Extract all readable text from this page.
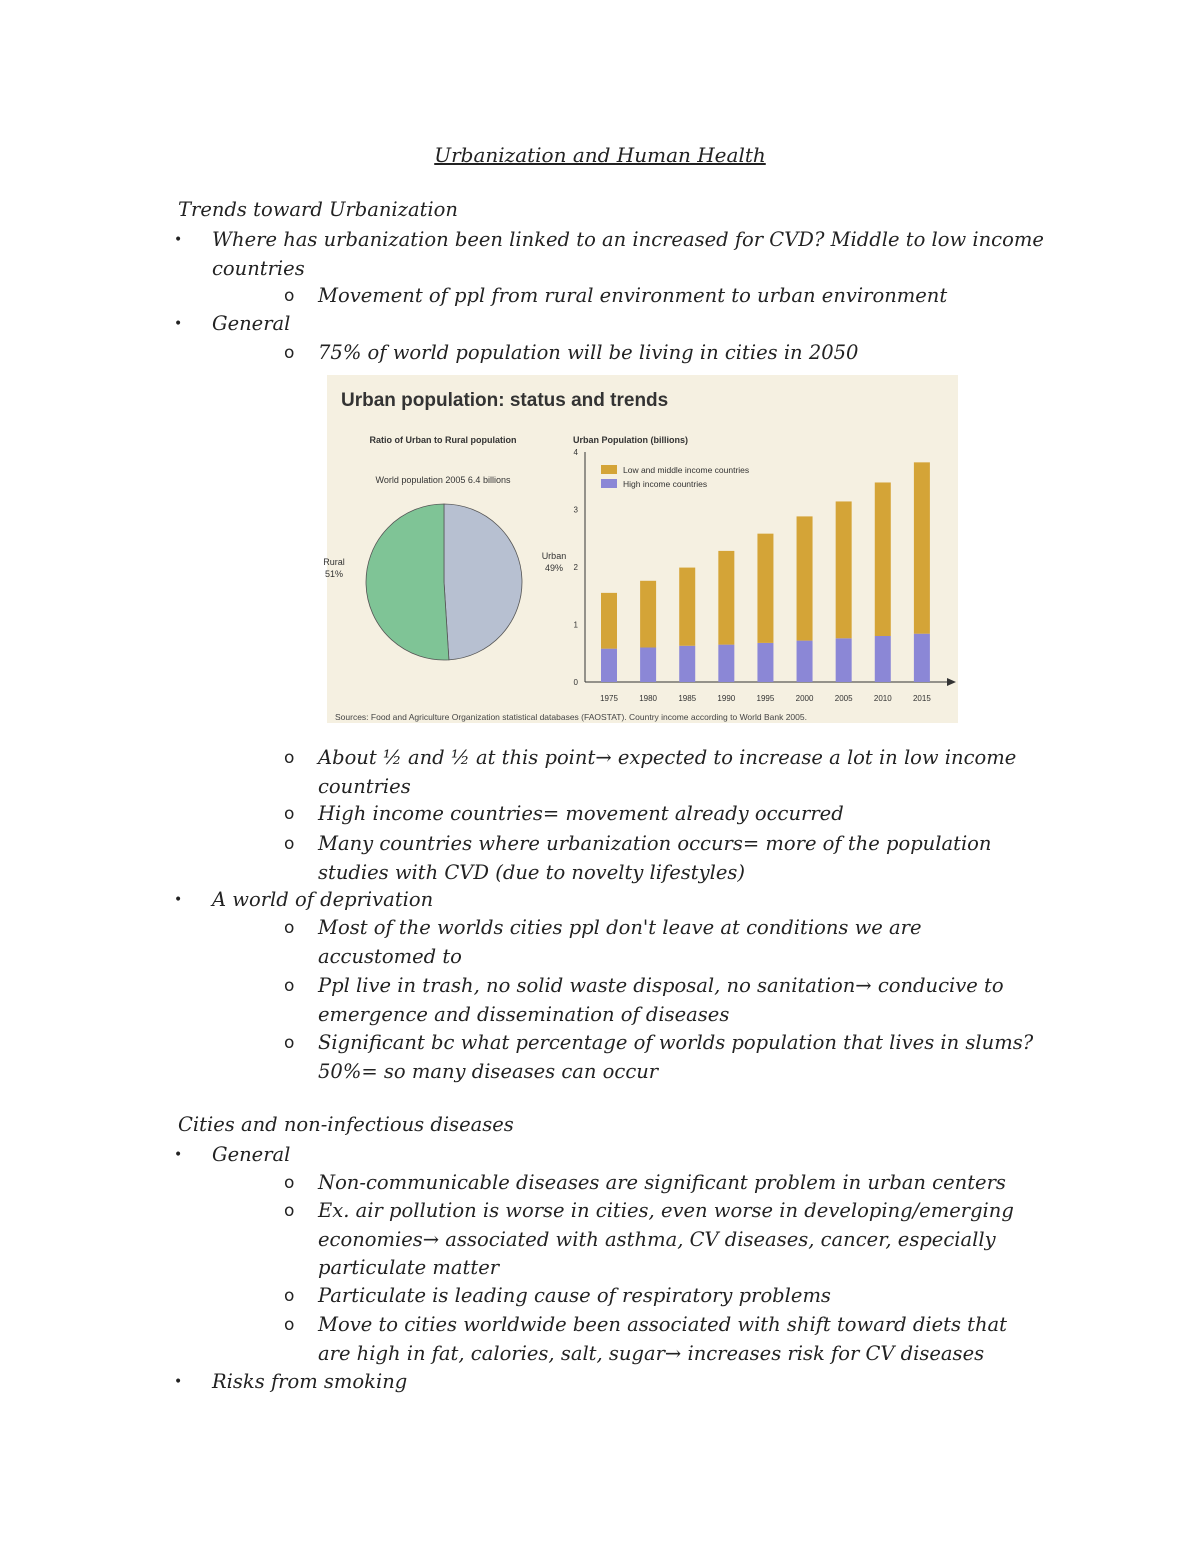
Urbanization and Human Health
Trends toward Urbanization
• Where has urbanization been linked to an increased for CVD? Middle to low income
countries
o Movement of ppl from rural environment to urban environment
• General
o 75% of world population will be living in cities in 2050
o About ½ and ½ at this point→ expected to increase a lot in low income
countries
o High income countries= movement already occurred
o Many countries where urbanization occurs= more of the population
studies with CVD (due to novelty lifestyles)
• A world of deprivation
o Most of the worlds cities ppl don't leave at conditions we are
accustomed to
o Ppl live in trash, no solid waste disposal, no sanitation→ conducive to
emergence and dissemination of diseases
o Significant bc what percentage of worlds population that lives in slums?
50%= so many diseases can occur
Cities and non-infectious diseases
• General
o Non-communicable diseases are significant problem in urban centers
o Ex. air pollution is worse in cities, even worse in developing/emerging
economies→ associated with asthma, CV diseases, cancer, especially
particulate matter
o Particulate is leading cause of respiratory problems
o Move to cities worldwide been associated with shift toward diets that
are high in fat, calories, salt, sugar→ increases risk for CV diseases
• Risks from smoking
Urban population: status and trends
Ratio of Urban to Rural population
World population 2005 6.4 billions
Urban
49%
Rural
51%
Urban Population (billions)
0
1
2
3
4
1975	1980	1985	1990	1995	2000	2005	2010	2015
Low and middle income countries
High income countries
Sources: Food and Agriculture Organization statistical databases (FAOSTAT). Country income according to World Bank 2005.
